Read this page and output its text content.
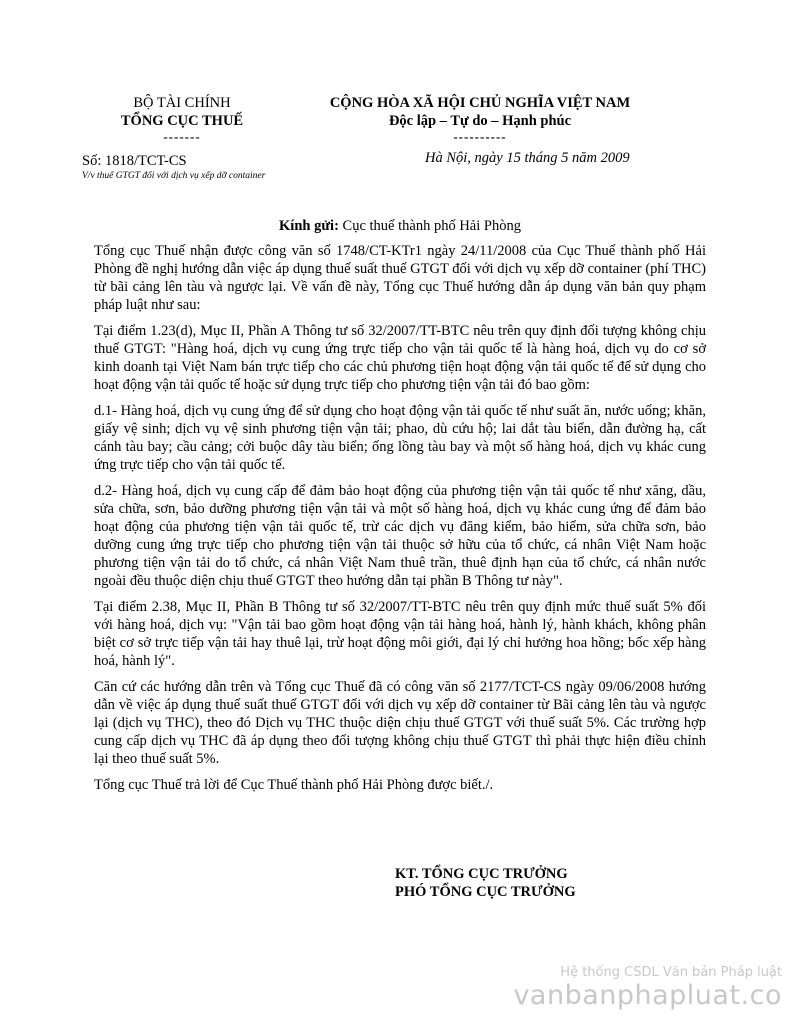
BỘ TÀI CHÍNH
TỔNG CỤC THUẾ
-------
CỘNG HÒA XÃ HỘI CHỦ NGHĨA VIỆT NAM
Độc lập – Tự do – Hạnh phúc
----------
Số: 1818/TCT-CS
V/v thuế GTGT đối với dịch vụ xếp dỡ container
Hà Nội, ngày 15 tháng 5 năm 2009
Kính gửi: Cục thuế thành phố Hải Phòng

Tổng cục Thuế nhận được công văn số 1748/CT-KTr1 ngày 24/11/2008 của Cục Thuế thành phố Hải Phòng đề nghị hướng dẫn việc áp dụng thuế suất thuế GTGT đối với dịch vụ xếp dỡ container (phí THC) từ bãi cảng lên tàu và ngược lại. Về vấn đề này, Tổng cục Thuế hướng dẫn áp dụng văn bản quy phạm pháp luật như sau:

Tại điểm 1.23(d), Mục II, Phần A Thông tư số 32/2007/TT-BTC nêu trên quy định đối tượng không chịu thuế GTGT: "Hàng hoá, dịch vụ cung ứng trực tiếp cho vận tải quốc tế là hàng hoá, dịch vụ do cơ sở kinh doanh tại Việt Nam bán trực tiếp cho các chủ phương tiện hoạt động vận tải quốc tế để sử dụng cho hoạt động vận tải quốc tế hoặc sử dụng trực tiếp cho phương tiện vận tải đó bao gồm:

d.1- Hàng hoá, dịch vụ cung ứng để sử dụng cho hoạt động vận tải quốc tế như suất ăn, nước uống; khăn, giấy vệ sinh; dịch vụ vệ sinh phương tiện vận tải; phao, dù cứu hộ; lai dắt tàu biển, dẫn đường hạ, cất cánh tàu bay; cầu cảng; cởi buộc dây tàu biển; ống lồng tàu bay và một số hàng hoá, dịch vụ khác cung ứng trực tiếp cho vận tải quốc tế.

d.2- Hàng hoá, dịch vụ cung cấp để đảm bảo hoạt động của phương tiện vận tải quốc tế như xăng, dầu, sửa chữa, sơn, bảo dưỡng phương tiện vận tải và một số hàng hoá, dịch vụ khác cung ứng để đảm bảo hoạt động của phương tiện vận tải quốc tế, trừ các dịch vụ đăng kiểm, bảo hiểm, sửa chữa sơn, bảo dưỡng cung ứng trực tiếp cho phương tiện vận tải thuộc sở hữu của tổ chức, cá nhân Việt Nam hoặc phương tiện vận tải do tổ chức, cá nhân Việt Nam thuê trần, thuê định hạn của tổ chức, cá nhân nước ngoài đều thuộc diện chịu thuế GTGT theo hướng dẫn tại phần B Thông tư này".

Tại điểm 2.38, Mục II, Phần B Thông tư số 32/2007/TT-BTC nêu trên quy định mức thuế suất 5% đối với hàng hoá, dịch vụ: "Vận tải bao gồm hoạt động vận tải hàng hoá, hành lý, hành khách, không phân biệt cơ sở trực tiếp vận tải hay thuê lại, trừ hoạt động môi giới, đại lý chỉ hưởng hoa hồng; bốc xếp hàng hoá, hành lý".

Căn cứ các hướng dẫn trên và Tổng cục Thuế đã có công văn số 2177/TCT-CS ngày 09/06/2008 hướng dẫn về việc áp dụng thuế suất thuế GTGT đối với dịch vụ xếp dỡ container từ Bãi cảng lên tàu và ngược lại (dịch vụ THC), theo đó Dịch vụ THC thuộc diện chịu thuế GTGT với thuế suất 5%. Các trường hợp cung cấp dịch vụ THC đã áp dụng theo đối tượng không chịu thuế GTGT thì phải thực hiện điều chỉnh lại theo thuế suất 5%.

Tổng cục Thuế trả lời để Cục Thuế thành phố Hải Phòng được biết./.

KT. TỔNG CỤC TRƯỞNG
PHÓ TỔNG CỤC TRƯỞNG
Hệ thống CSDL Văn bản Pháp luật
vanbanphapluat.co
